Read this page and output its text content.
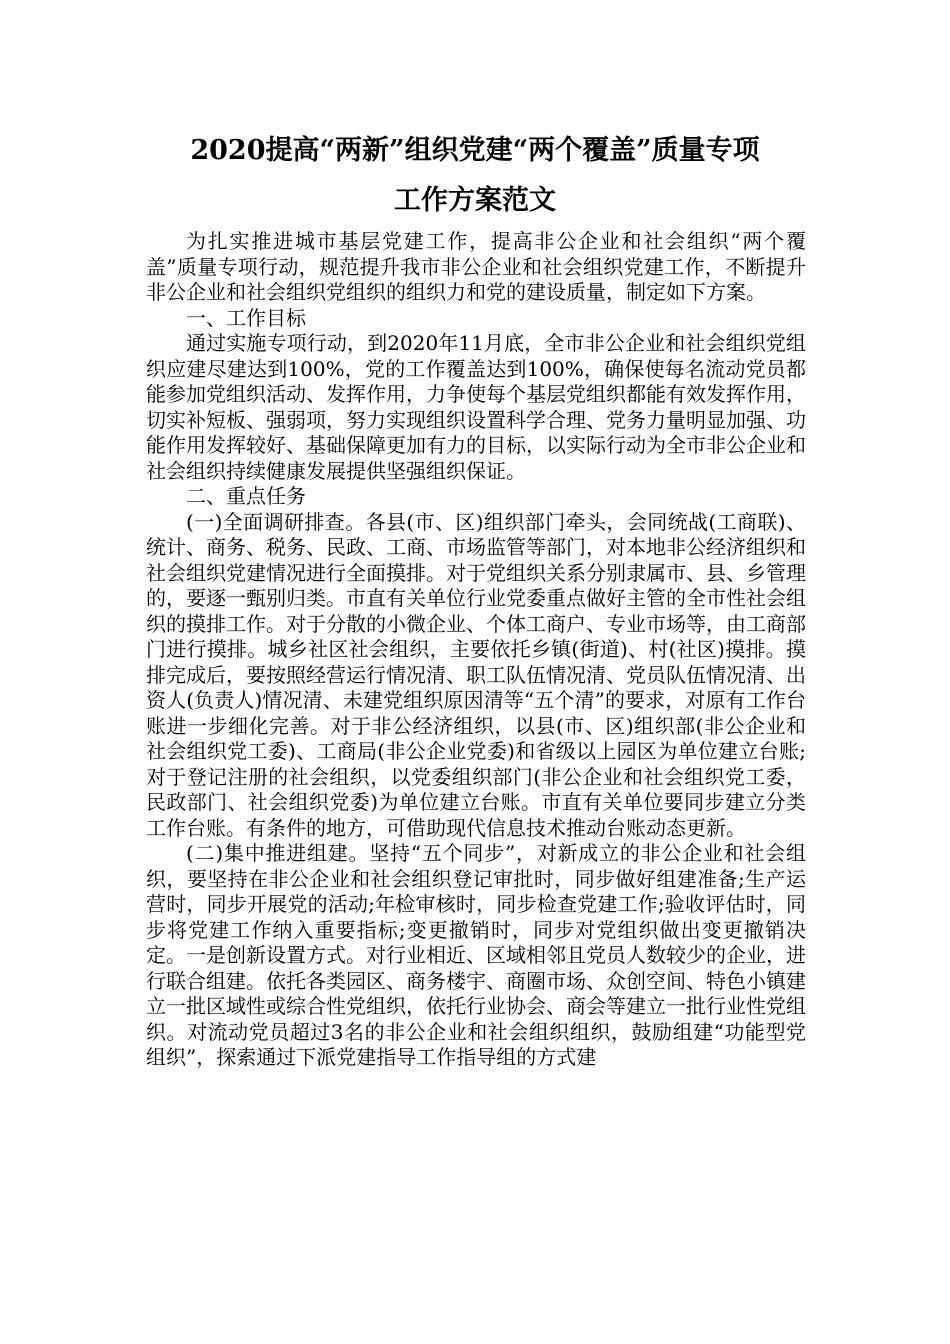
2020提高“两新”组织党建“两个覆盖”质量专项
工作方案范文

为扎实推进城市基层党建工作，提高非公企业和社会组织“两个覆盖”质量专项行动，规范提升我市非公企业和社会组织党建工作，不断提升非公企业和社会组织党组织的组织力和党的建设质量，制定如下方案。

一、工作目标

通过实施专项行动，到2020年11月底，全市非公企业和社会组织党组织应建尽建达到100%，党的工作覆盖达到100%，确保使每名流动党员都能参加党组织活动、发挥作用，力争使每个基层党组织都能有效发挥作用，切实补短板、强弱项，努力实现组织设置科学合理、党务力量明显加强、功能作用发挥较好、基础保障更加有力的目标，以实际行动为全市非公企业和社会组织持续健康发展提供坚强组织保证。

二、重点任务

(一)全面调研排查。各县(市、区)组织部门牵头，会同统战(工商联)、统计、商务、税务、民政、工商、市场监管等部门，对本地非公经济组织和社会组织党建情况进行全面摸排。对于党组织关系分别隶属市、县、乡管理的，要逐一甄别归类。市直有关单位行业党委重点做好主管的全市性社会组织的摸排工作。对于分散的小微企业、个体工商户、专业市场等，由工商部门进行摸排。城乡社区社会组织，主要依托乡镇(街道)、村(社区)摸排。摸排完成后，要按照经营运行情况清、职工队伍情况清、党员队伍情况清、出资人(负责人)情况清、未建党组织原因清等“五个清”的要求，对原有工作台账进一步细化完善。对于非公经济组织，以县(市、区)组织部(非公企业和社会组织党工委)、工商局(非公企业党委)和省级以上园区为单位建立台账;对于登记注册的社会组织，以党委组织部门(非公企业和社会组织党工委，民政部门、社会组织党委)为单位建立台账。市直有关单位要同步建立分类工作台账。有条件的地方，可借助现代信息技术推动台账动态更新。

(二)集中推进组建。坚持“五个同步”，对新成立的非公企业和社会组织，要坚持在非公企业和社会组织登记审批时，同步做好组建准备;生产运营时，同步开展党的活动;年检审核时，同步检查党建工作;验收评估时，同步将党建工作纳入重要指标;变更撤销时，同步对党组织做出变更撤销决定。一是创新设置方式。对行业相近、区域相邻且党员人数较少的企业，进行联合组建。依托各类园区、商务楼宇、商圈市场、众创空间、特色小镇建立一批区域性或综合性党组织，依托行业协会、商会等建立一批行业性党组织。对流动党员超过3名的非公企业和社会组织组织，鼓励组建“功能型党组织”，探索通过下派党建指导工作指导组的方式建
